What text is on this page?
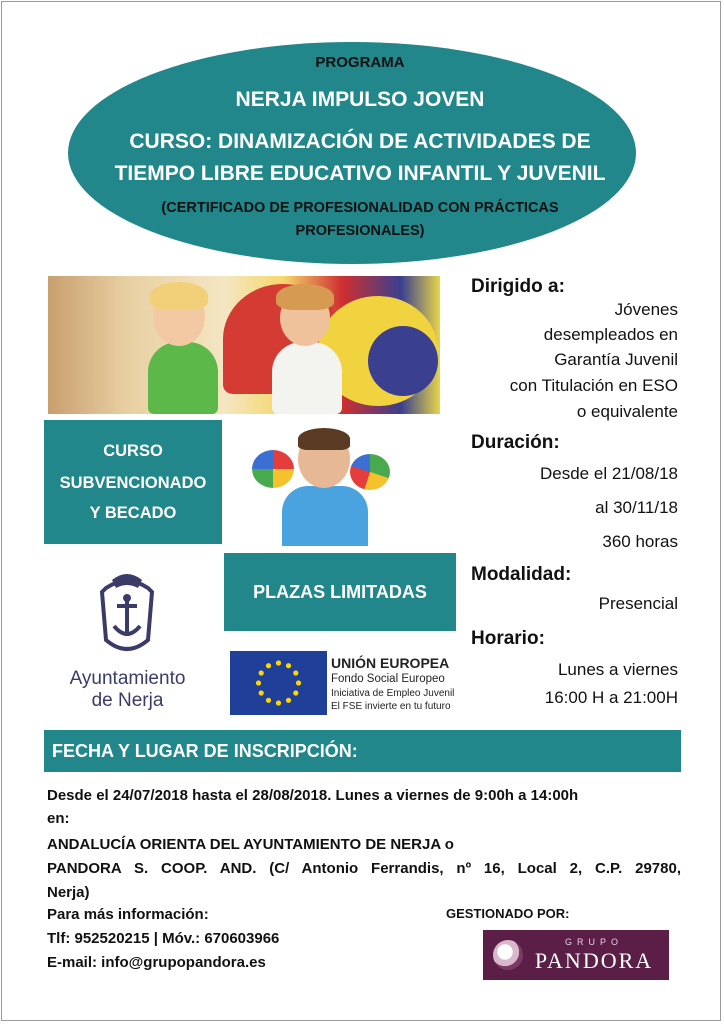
PROGRAMA
NERJA IMPULSO JOVEN
CURSO: DINAMIZACIÓN DE ACTIVIDADES DE
TIEMPO LIBRE EDUCATIVO INFANTIL Y JUVENIL
(CERTIFICADO DE PROFESIONALIDAD CON PRÁCTICAS
PROFESIONALES)
CURSO
SUBVENCIONADO
Y BECADO
PLAZAS LIMITADAS
Dirigido a:
Jóvenes
desempleados en
Garantía Juvenil
con Titulación en ESO
o equivalente
Duración:
Desde el 21/08/18
al 30/11/18
360 horas
Modalidad:
Presencial
Horario:
Lunes a viernes
16:00 H a 21:00H
Ayuntamiento
de Nerja
UNIÓN EUROPEA
Fondo Social Europeo
Iniciativa de Empleo Juvenil
El FSE invierte en tu futuro
FECHA Y LUGAR DE INSCRIPCIÓN:
Desde el 24/07/2018 hasta el 28/08/2018. Lunes a viernes de 9:00h a 14:00h
en:
ANDALUCÍA ORIENTA DEL AYUNTAMIENTO DE NERJA o
PANDORA S. COOP. AND. (C/ Antonio Ferrandis, nº 16, Local 2, C.P. 29780,
Nerja)
Para más información:
Tlf: 952520215 | Móv.: 670603966
E-mail: info@grupopandora.es
GESTIONADO POR:
GRUPO
PANDORA
